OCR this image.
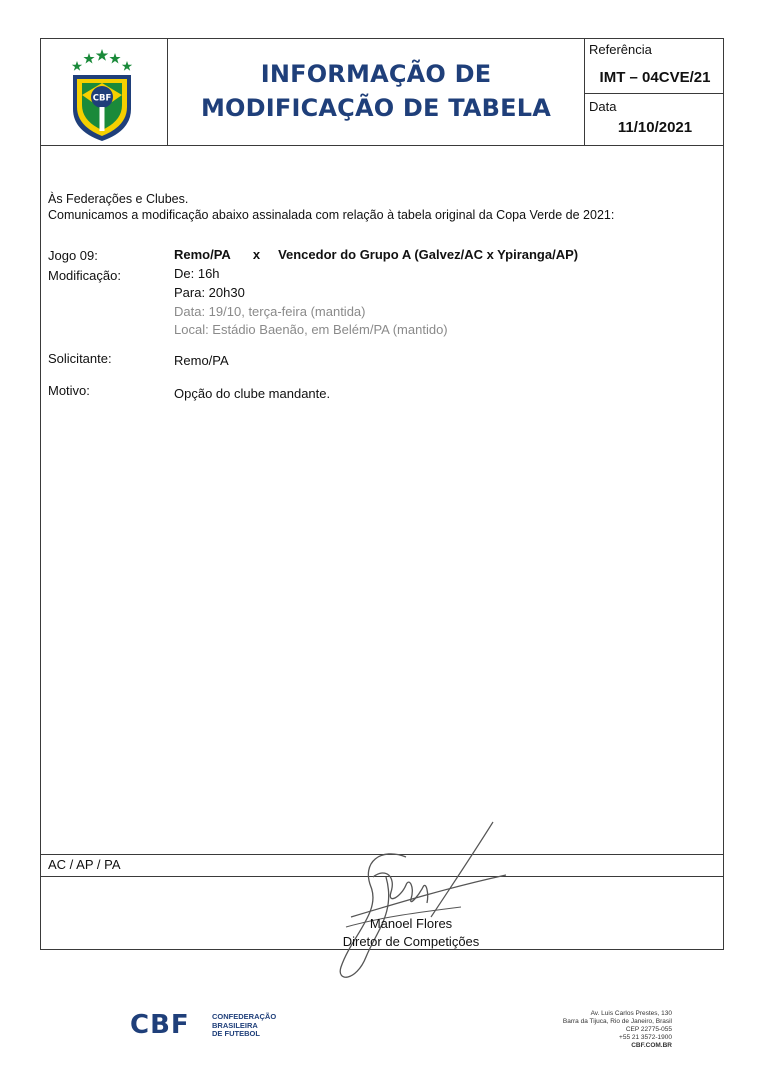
CBF
INFORMAÇÃO DE
MODIFICAÇÃO DE TABELA
Referência
IMT – 04CVE/21
Data
11/10/2021
Às Federações e Clubes.
Comunicamos a modificação abaixo assinalada com relação à tabela original da Copa Verde de 2021:
Jogo 09:	Remo/PA x Vencedor do Grupo A (Galvez/AC x Ypiranga/AP)
Modificação:	De: 16h
Para: 20h30
Data: 19/10, terça-feira (mantida)
Local: Estádio Baenão, em Belém/PA (mantido)
Solicitante:	Remo/PA
Motivo:	Opção do clube mandante.
AC / AP / PA
Manoel Flores
Diretor de Competições
CBF	CONFEDERAÇÃO
BRASILEIRA
DE FUTEBOL
Av. Luis Carlos Prestes, 130
Barra da Tijuca, Rio de Janeiro, Brasil
CEP 22775-055
+55 21 3572-1900
CBF.COM.BR
